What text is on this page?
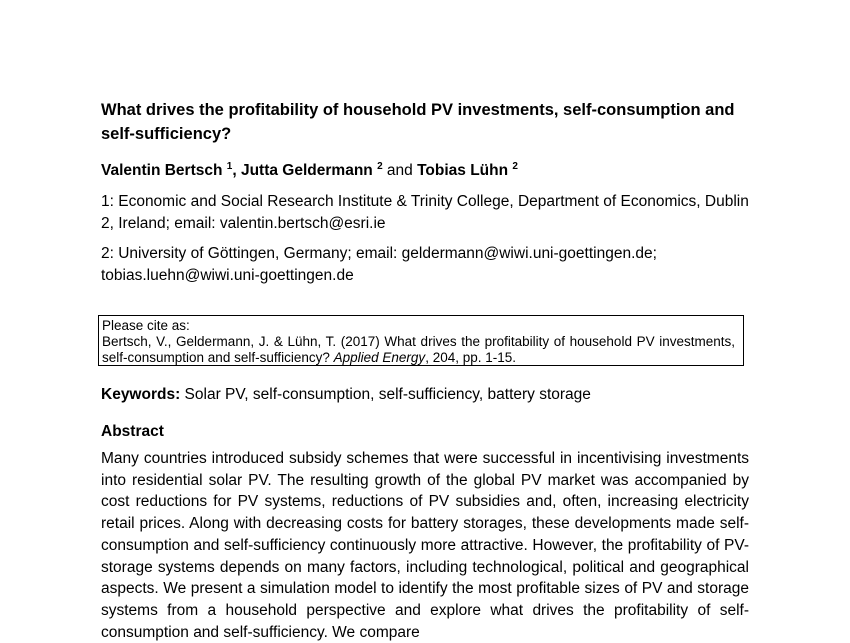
What drives the profitability of household PV investments, self-consumption and self-sufficiency?
Valentin Bertsch $^1$, Jutta Geldermann $^2$ and Tobias Lühn $^2$

1: Economic and Social Research Institute & Trinity College, Department of Economics, Dublin 2, Ireland; email: valentin.bertsch@esri.ie

2: University of Göttingen, Germany; email: geldermann@wiwi.uni-goettingen.de; tobias.luehn@wiwi.uni-goettingen.de

Please cite as:
Bertsch, V., Geldermann, J. & Lühn, T. (2017) What drives the profitability of household PV investments, self-consumption and self-sufficiency? Applied Energy, 204, pp. 1-15.
Keywords: Solar PV, self-consumption, self-sufficiency, battery storage
Abstract

Many countries introduced subsidy schemes that were successful in incentivising investments into residential solar PV. The resulting growth of the global PV market was accompanied by cost reductions for PV systems, reductions of PV subsidies and, often, increasing electricity retail prices. Along with decreasing costs for battery storages, these developments made self-consumption and self-sufficiency continuously more attractive. However, the profitability of PV-storage systems depends on many factors, including technological, political and geographical aspects. We present a simulation model to identify the most profitable sizes of PV and storage systems from a household perspective and explore what drives the profitability of self-consumption and self-sufficiency. We compare
